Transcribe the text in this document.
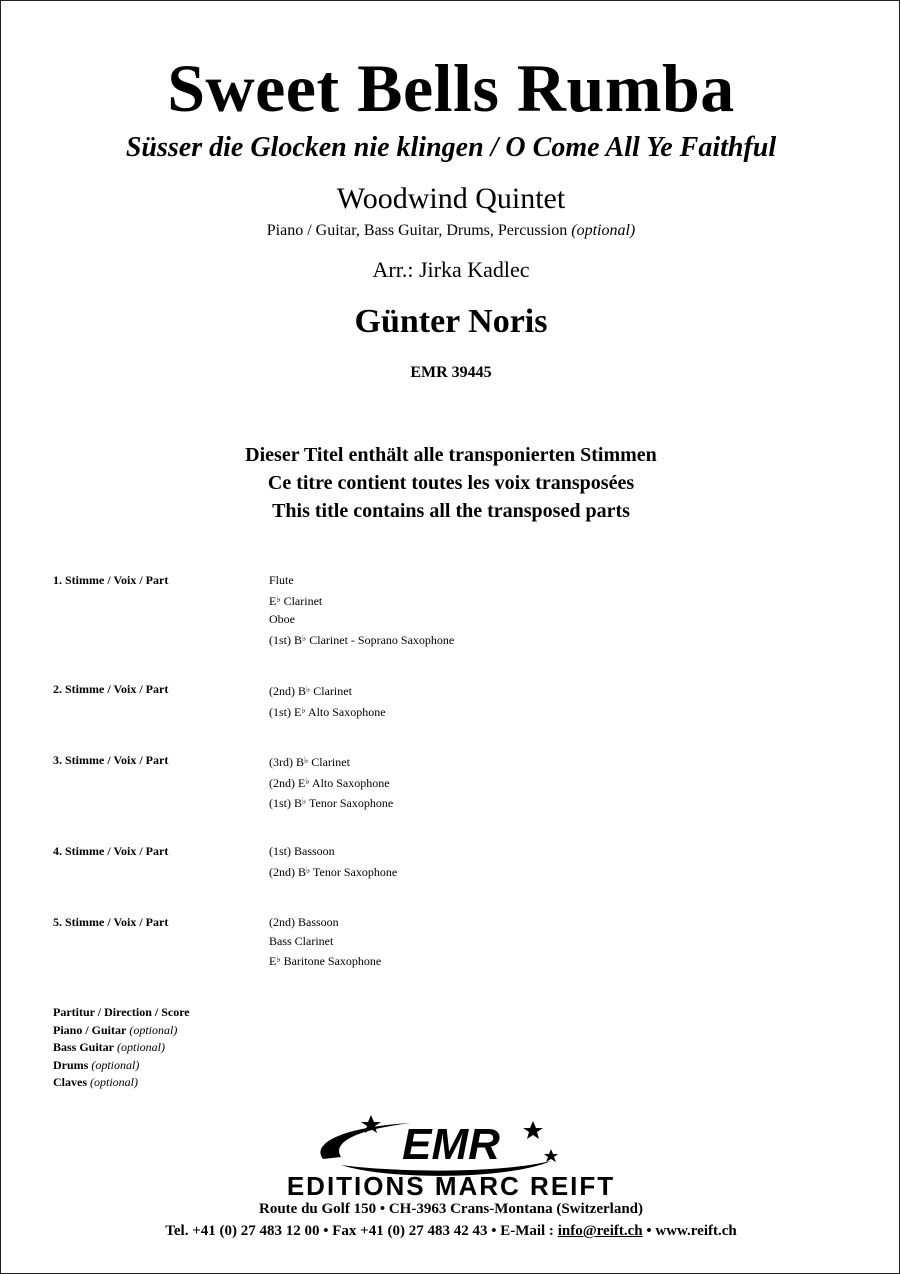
Sweet Bells Rumba
Süsser die Glocken nie klingen / O Come All Ye Faithful
Woodwind Quintet
Piano / Guitar, Bass Guitar, Drums, Percussion (optional)
Arr.: Jirka Kadlec
Günter Noris
EMR 39445
Dieser Titel enthält alle transponierten Stimmen
Ce titre contient toutes les voix transposées
This title contains all the transposed parts
1. Stimme / Voix / Part	Flute
E♭ Clarinet
Oboe
(1st) B♭ Clarinet - Soprano Saxophone
2. Stimme / Voix / Part	(2nd) B♭ Clarinet
(1st) E♭ Alto Saxophone
3. Stimme / Voix / Part	(3rd) B♭ Clarinet
(2nd) E♭ Alto Saxophone
(1st) B♭ Tenor Saxophone
4. Stimme / Voix / Part	(1st) Bassoon
(2nd) B♭ Tenor Saxophone
5. Stimme / Voix / Part	(2nd) Bassoon
Bass Clarinet
E♭ Baritone Saxophone
Partitur / Direction / Score
Piano / Guitar (optional)
Bass Guitar (optional)
Drums (optional)
Claves (optional)
EMR
EDITIONS MARC REIFT
Route du Golf 150 • CH-3963 Crans-Montana (Switzerland)
Tel. +41 (0) 27 483 12 00 • Fax +41 (0) 27 483 42 43 • E-Mail : info@reift.ch • www.reift.ch
